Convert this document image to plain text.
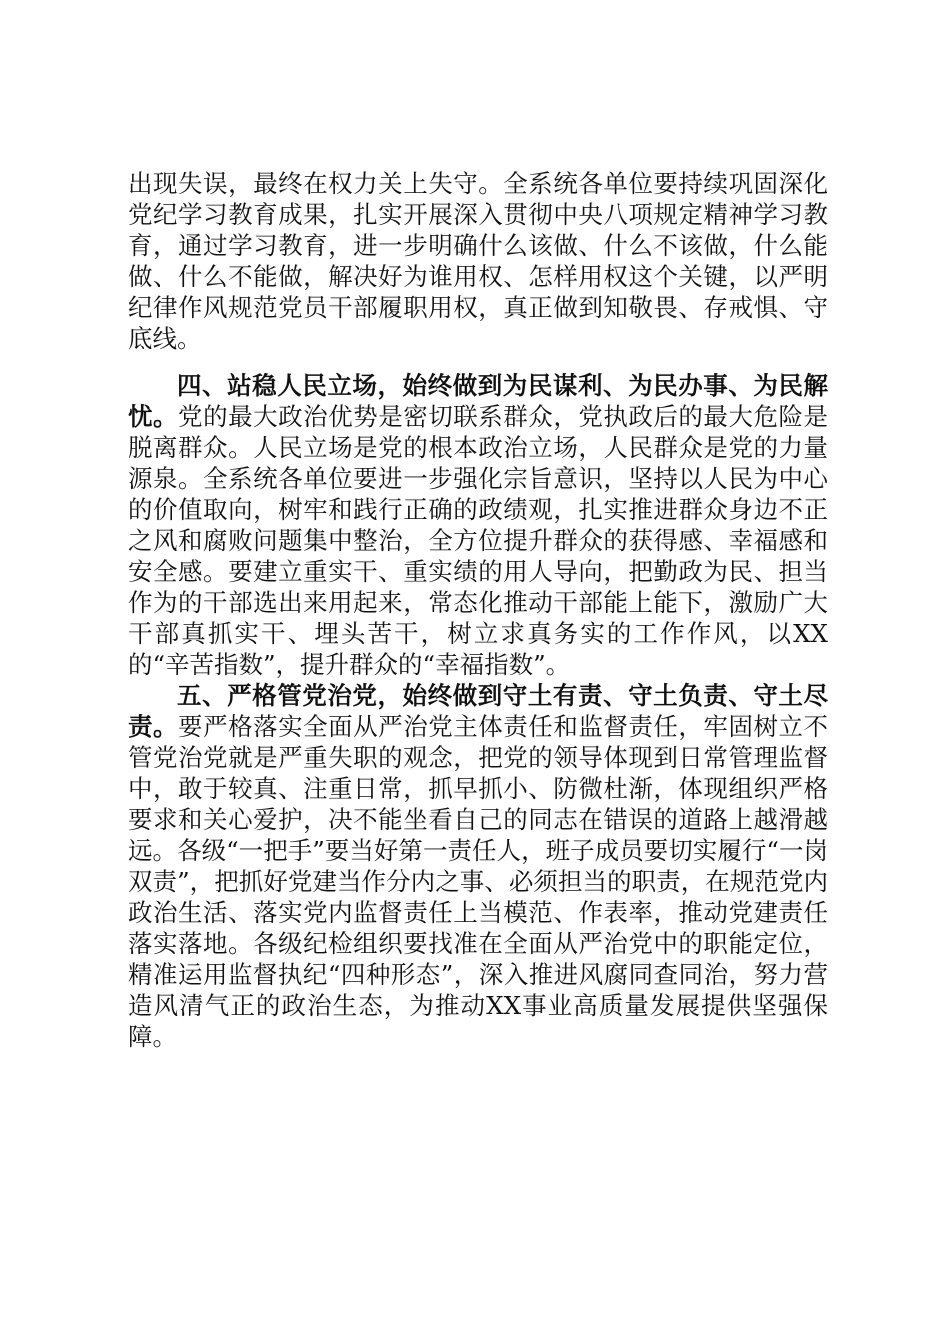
出现失误，最终在权力关上失守。全系统各单位要持续巩固深化党纪学习教育成果，扎实开展深入贯彻中央八项规定精神学习教育，通过学习教育，进一步明确什么该做、什么不该做，什么能做、什么不能做，解决好为谁用权、怎样用权这个关键，以严明纪律作风规范党员干部履职用权，真正做到知敬畏、存戒惧、守底线。

四、站稳人民立场，始终做到为民谋利、为民办事、为民解忧。党的最大政治优势是密切联系群众，党执政后的最大危险是脱离群众。人民立场是党的根本政治立场，人民群众是党的力量源泉。全系统各单位要进一步强化宗旨意识，坚持以人民为中心的价值取向，树牢和践行正确的政绩观，扎实推进群众身边不正之风和腐败问题集中整治，全方位提升群众的获得感、幸福感和安全感。要建立重实干、重实绩的用人导向，把勤政为民、担当作为的干部选出来用起来，常态化推动干部能上能下，激励广大干部真抓实干、埋头苦干，树立求真务实的工作作风，以XX的“辛苦指数”，提升群众的“幸福指数”。

五、严格管党治党，始终做到守土有责、守土负责、守土尽责。要严格落实全面从严治党主体责任和监督责任，牢固树立不管党治党就是严重失职的观念，把党的领导体现到日常管理监督中，敢于较真、注重日常，抓早抓小、防微杜渐，体现组织严格要求和关心爱护，决不能坐看自己的同志在错误的道路上越滑越远。各级“一把手”要当好第一责任人，班子成员要切实履行“一岗双责”，把抓好党建当作分内之事、必须担当的职责，在规范党内政治生活、落实党内监督责任上当模范、作表率，推动党建责任落实落地。各级纪检组织要找准在全面从严治党中的职能定位，精准运用监督执纪“四种形态”，深入推进风腐同查同治，努力营造风清气正的政治生态，为推动XX事业高质量发展提供坚强保障。
